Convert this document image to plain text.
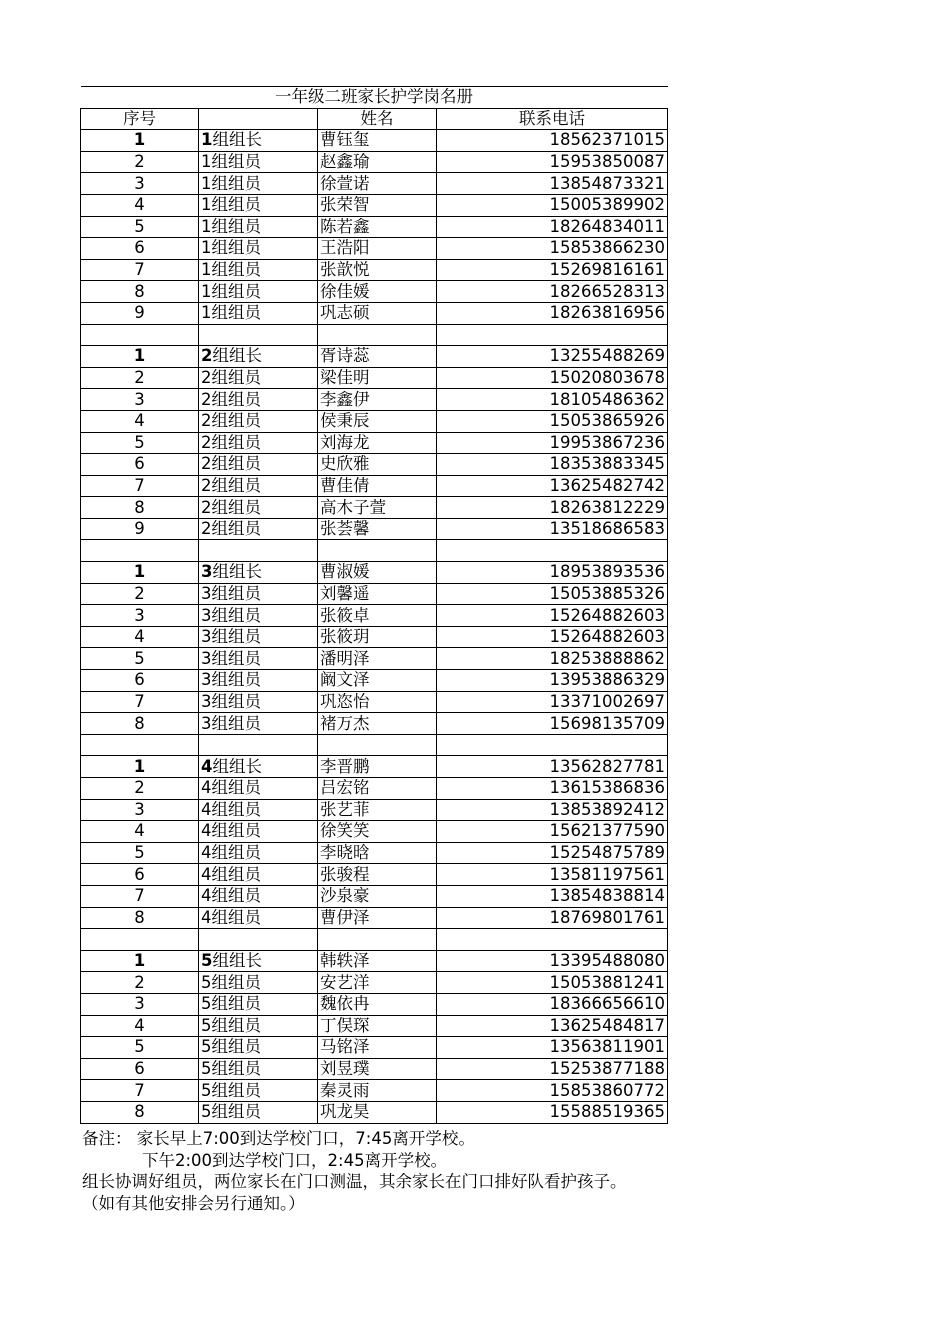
一年级二班家长护学岗名册			
序号		姓名	联系电话
1	1组组长	曹钰玺	18562371015
2	1组组员	赵鑫瑜	15953850087
3	1组组员	徐萱诺	13854873321
4	1组组员	张荣智	15005389902
5	1组组员	陈若鑫	18264834011
6	1组组员	王浩阳	15853866230
7	1组组员	张歆悦	15269816161
8	1组组员	徐佳媛	18266528313
9	1组组员	巩志硕	18263816956

1	2组组长	胥诗蕊	13255488269
2	2组组员	梁佳明	15020803678
3	2组组员	李鑫伊	18105486362
4	2组组员	侯秉辰	15053865926
5	2组组员	刘海龙	19953867236
6	2组组员	史欣雅	18353883345
7	2组组员	曹佳倩	13625482742
8	2组组员	高木子萱	18263812229
9	2组组员	张荟馨	13518686583

1	3组组长	曹淑媛	18953893536
2	3组组员	刘馨遥	15053885326
3	3组组员	张筱卓	15264882603
4	3组组员	张筱玥	15264882603
5	3组组员	潘明泽	18253888862
6	3组组员	阚文泽	13953886329
7	3组组员	巩恣怡	13371002697
8	3组组员	褚万杰	15698135709

1	4组组长	李晋鹏	13562827781
2	4组组员	吕宏铭	13615386836
3	4组组员	张艺菲	13853892412
4	4组组员	徐笑笑	15621377590
5	4组组员	李晓晗	15254875789
6	4组组员	张骏程	13581197561
7	4组组员	沙泉豪	13854838814
8	4组组员	曹伊泽	18769801761

1	5组组长	韩轶泽	13395488080
2	5组组员	安艺洋	15053881241
3	5组组员	魏依冉	18366656610
4	5组组员	丁俣琛	13625484817
5	5组组员	马铭泽	13563811901
6	5组组员	刘昱璞	15253877188
7	5组组员	秦灵雨	15853860772
8	5组组员	巩龙昊	15588519365
备注： 家长早上7:00到达学校门口，7:45离开学校。
下午2:00到达学校门口，2:45离开学校。
组长协调好组员，两位家长在门口测温，其余家长在门口排好队看护孩子。
（如有其他安排会另行通知。）
